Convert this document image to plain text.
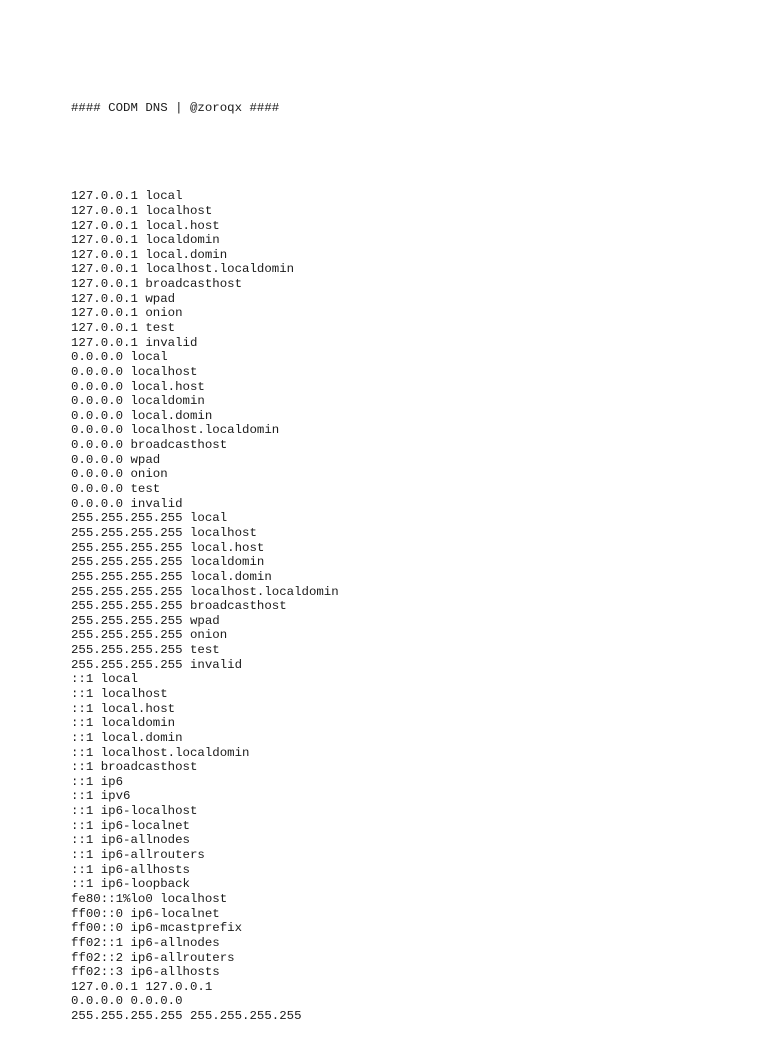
#### CODM DNS | @zoroqx ####

127.0.0.1 local
127.0.0.1 localhost
127.0.0.1 local.host
127.0.0.1 localdomin
127.0.0.1 local.domin
127.0.0.1 localhost.localdomin
127.0.0.1 broadcasthost
127.0.0.1 wpad
127.0.0.1 onion
127.0.0.1 test
127.0.0.1 invalid
0.0.0.0 local
0.0.0.0 localhost
0.0.0.0 local.host
0.0.0.0 localdomin
0.0.0.0 local.domin
0.0.0.0 localhost.localdomin
0.0.0.0 broadcasthost
0.0.0.0 wpad
0.0.0.0 onion
0.0.0.0 test
0.0.0.0 invalid
255.255.255.255 local
255.255.255.255 localhost
255.255.255.255 local.host
255.255.255.255 localdomin
255.255.255.255 local.domin
255.255.255.255 localhost.localdomin
255.255.255.255 broadcasthost
255.255.255.255 wpad
255.255.255.255 onion
255.255.255.255 test
255.255.255.255 invalid
::1 local
::1 localhost
::1 local.host
::1 localdomin
::1 local.domin
::1 localhost.localdomin
::1 broadcasthost
::1 ip6
::1 ipv6
::1 ip6-localhost
::1 ip6-localnet
::1 ip6-allnodes
::1 ip6-allrouters
::1 ip6-allhosts
::1 ip6-loopback
fe80::1%lo0 localhost
ff00::0 ip6-localnet
ff00::0 ip6-mcastprefix
ff02::1 ip6-allnodes
ff02::2 ip6-allrouters
ff02::3 ip6-allhosts
127.0.0.1 127.0.0.1
0.0.0.0 0.0.0.0
255.255.255.255 255.255.255.255
